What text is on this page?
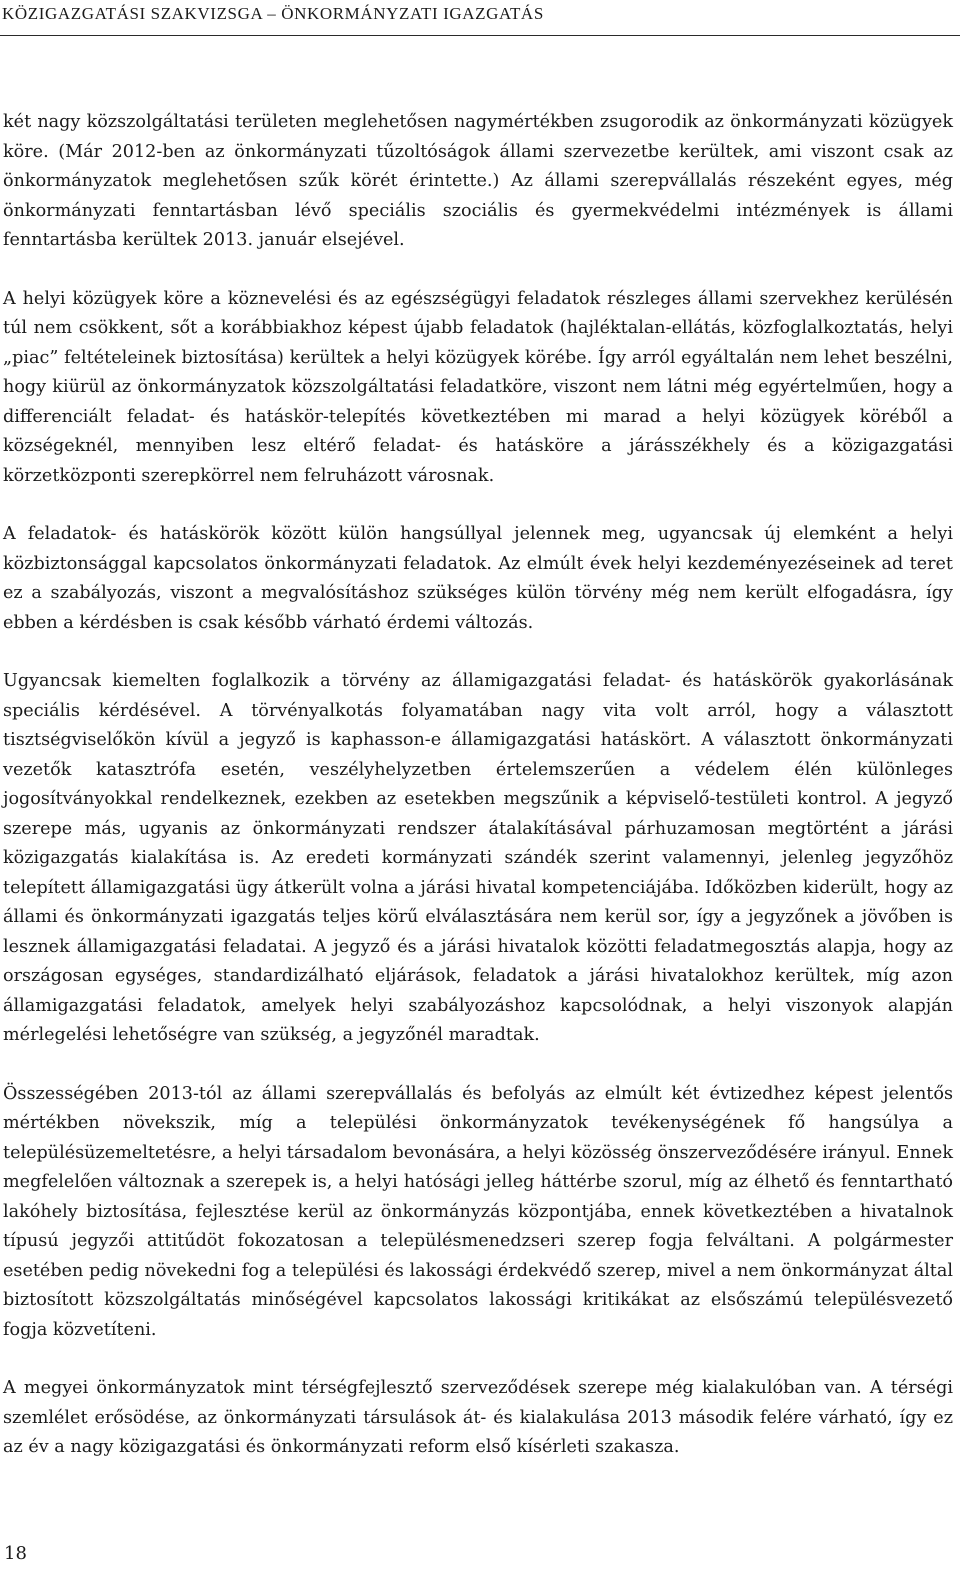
KÖZIGAZGATÁSI SZAKVIZSGA – ÖNKORMÁNYZATI IGAZGATÁS

két nagy közszolgáltatási területen meglehetősen nagymértékben zsugorodik az önkormányzati közügyek köre. (Már 2012-ben az önkormányzati tűzoltóságok állami szervezetbe kerültek, ami viszont csak az önkormányzatok meglehetősen szűk körét érintette.) Az állami szerepvállalás részeként egyes, még önkormányzati fenntartásban lévő speciális szociális és gyermekvédelmi intézmények is állami fenntartásba kerültek 2013. január elsejével.

A helyi közügyek köre a köznevelési és az egészségügyi feladatok részleges állami szervekhez kerülésén túl nem csökkent, sőt a korábbiakhoz képest újabb feladatok (hajléktalan-ellátás, közfoglalkoztatás, helyi „piac” feltételeinek biztosítása) kerültek a helyi közügyek körébe. Így arról egyáltalán nem lehet beszélni, hogy kiürül az önkormányzatok közszolgáltatási feladatköre, viszont nem látni még egyértelműen, hogy a differenciált feladat- és hatáskör-telepítés következtében mi marad a helyi közügyek köréből a községeknél, mennyiben lesz eltérő feladat- és hatásköre a járásszékhely és a közigazgatási körzetközponti szerepkörrel nem felruházott városnak.

A feladatok- és hatáskörök között külön hangsúllyal jelennek meg, ugyancsak új elemként a helyi közbiztonsággal kapcsolatos önkormányzati feladatok. Az elmúlt évek helyi kezdeményezéseinek ad teret ez a szabályozás, viszont a megvalósításhoz szükséges külön törvény még nem került elfogadásra, így ebben a kérdésben is csak később várható érdemi változás.

Ugyancsak kiemelten foglalkozik a törvény az államigazgatási feladat- és hatáskörök gyakorlásának speciális kérdésével. A törvényalkotás folyamatában nagy vita volt arról, hogy a választott tisztségviselőkön kívül a jegyző is kaphasson-e államigazgatási hatáskört. A választott önkormányzati vezetők katasztrófa esetén, veszélyhelyzetben értelemszerűen a védelem élén különleges jogosítványokkal rendelkeznek, ezekben az esetekben megszűnik a képviselő-testületi kontrol. A jegyző szerepe más, ugyanis az önkormányzati rendszer átalakításával párhuzamosan megtörtént a járási közigazgatás kialakítása is. Az eredeti kormányzati szándék szerint valamennyi, jelenleg jegyzőhöz telepített államigazgatási ügy átkerült volna a járási hivatal kompetenciájába. Időközben kiderült, hogy az állami és önkormányzati igazgatás teljes körű elválasztására nem kerül sor, így a jegyzőnek a jövőben is lesznek államigazgatási feladatai. A jegyző és a járási hivatalok közötti feladatmegosztás alapja, hogy az országosan egységes, standardizálható eljárások, feladatok a járási hivatalokhoz kerültek, míg azon államigazgatási feladatok, amelyek helyi szabályozáshoz kapcsolódnak, a helyi viszonyok alapján mérlegelési lehetőségre van szükség, a jegyzőnél maradtak.

Összességében 2013-tól az állami szerepvállalás és befolyás az elmúlt két évtizedhez képest jelentős mértékben növekszik, míg a települési önkormányzatok tevékenységének fő hangsúlya a településüzemeltetésre, a helyi társadalom bevonására, a helyi közösség önszerveződésére irányul. Ennek megfelelően változnak a szerepek is, a helyi hatósági jelleg háttérbe szorul, míg az élhető és fenntartható lakóhely biztosítása, fejlesztése kerül az önkormányzás központjába, ennek következtében a hivatalnok típusú jegyzői attitűdöt fokozatosan a településmenedzseri szerep fogja felváltani. A polgármester esetében pedig növekedni fog a települési és lakossági érdekvédő szerep, mivel a nem önkormányzat által biztosított közszolgáltatás minőségével kapcsolatos lakossági kritikákat az elsőszámú településvezető fogja közvetíteni.

A megyei önkormányzatok mint térségfejlesztő szerveződések szerepe még kialakulóban van. A térségi szemlélet erősödése, az önkormányzati társulások át- és kialakulása 2013 második felére várható, így ez az év a nagy közigazgatási és önkormányzati reform első kísérleti szakasza.

18
